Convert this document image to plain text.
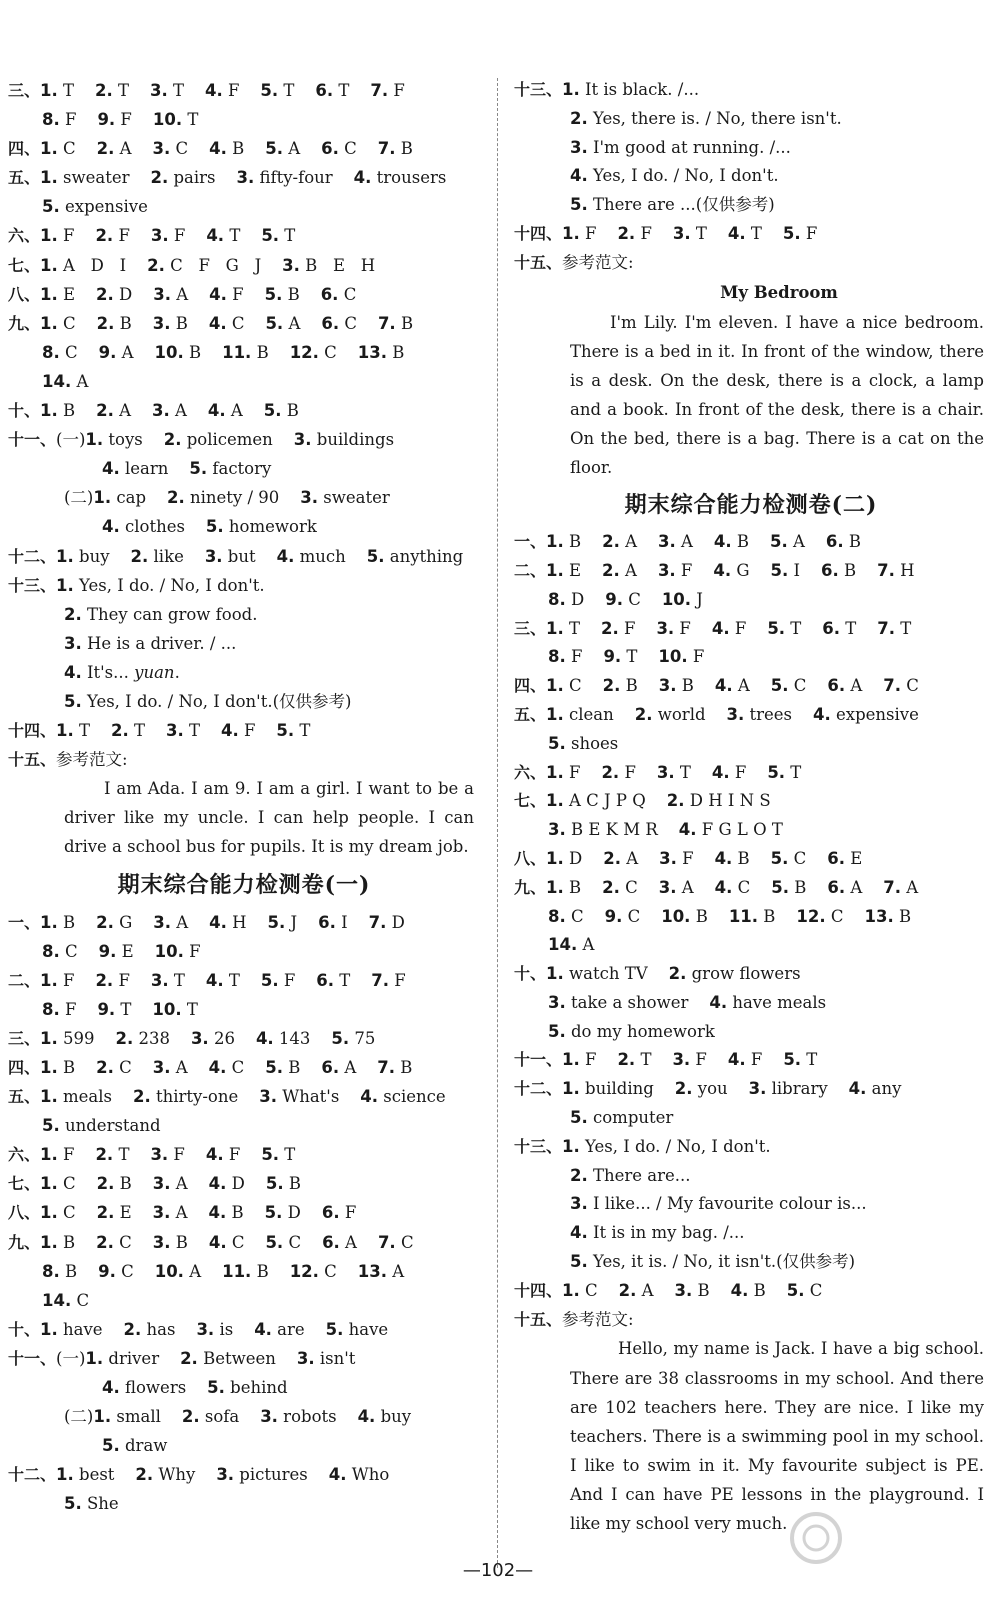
三、1. T    2. T    3. T    4. F    5. T    6. T    7. F
8. F    9. F    10. T
四、1. C    2. A    3. C    4. B    5. A    6. C    7. B
五、1. sweater    2. pairs    3. fifty-four    4. trousers
5. expensive
六、1. F    2. F    3. F    4. T    5. T
七、1. A   D   I    2. C   F   G   J    3. B   E   H
八、1. E    2. D    3. A    4. F    5. B    6. C
九、1. C    2. B    3. B    4. C    5. A    6. C    7. B
8. C    9. A    10. B    11. B    12. C    13. B
14. A
十、1. B    2. A    3. A    4. A    5. B
十一、(一)1. toys    2. policemen    3. buildings
4. learn    5. factory
(二)1. cap    2. ninety / 90    3. sweater
4. clothes    5. homework
十二、1. buy    2. like    3. but    4. much    5. anything
十三、1. Yes, I do. / No, I don't.
2. They can grow food.
3. He is a driver. / ...
4. It's... yuan.
5. Yes, I do. / No, I don't.(仅供参考)
十四、1. T    2. T    3. T    4. F    5. T
十五、参考范文:
I am Ada. I am 9. I am a girl. I want to be a driver like my uncle. I can help people. I can drive a school bus for pupils. It is my dream job.
期末综合能力检测卷(一)
一、1. B    2. G    3. A    4. H    5. J    6. I    7. D
8. C    9. E    10. F
二、1. F    2. F    3. T    4. T    5. F    6. T    7. F
8. F    9. T    10. T
三、1. 599    2. 238    3. 26    4. 143    5. 75
四、1. B    2. C    3. A    4. C    5. B    6. A    7. B
五、1. meals    2. thirty-one    3. What's    4. science
5. understand
六、1. F    2. T    3. F    4. F    5. T
七、1. C    2. B    3. A    4. D    5. B
八、1. C    2. E    3. A    4. B    5. D    6. F
九、1. B    2. C    3. B    4. C    5. C    6. A    7. C
8. B    9. C    10. A    11. B    12. C    13. A
14. C
十、1. have    2. has    3. is    4. are    5. have
十一、(一)1. driver    2. Between    3. isn't
4. flowers    5. behind
(二)1. small    2. sofa    3. robots    4. buy
5. draw
十二、1. best    2. Why    3. pictures    4. Who
5. She
十三、1. It is black. /...
2. Yes, there is. / No, there isn't.
3. I'm good at running. /...
4. Yes, I do. / No, I don't.
5. There are ...(仅供参考)
十四、1. F    2. F    3. T    4. T    5. F
十五、参考范文:
My Bedroom
I'm Lily. I'm eleven. I have a nice bedroom. There is a bed in it. In front of the window, there is a desk. On the desk, there is a clock, a lamp and a book. In front of the desk, there is a chair. On the bed, there is a bag. There is a cat on the floor.
期末综合能力检测卷(二)
一、1. B    2. A    3. A    4. B    5. A    6. B
二、1. E    2. A    3. F    4. G    5. I    6. B    7. H
8. D    9. C    10. J
三、1. T    2. F    3. F    4. F    5. T    6. T    7. T
8. F    9. T    10. F
四、1. C    2. B    3. B    4. A    5. C    6. A    7. C
五、1. clean    2. world    3. trees    4. expensive
5. shoes
六、1. F    2. F    3. T    4. F    5. T
七、1. A C J P Q    2. D H I N S
3. B E K M R    4. F G L O T
八、1. D    2. A    3. F    4. B    5. C    6. E
九、1. B    2. C    3. A    4. C    5. B    6. A    7. A
8. C    9. C    10. B    11. B    12. C    13. B
14. A
十、1. watch TV    2. grow flowers
3. take a shower    4. have meals
5. do my homework
十一、1. F    2. T    3. F    4. F    5. T
十二、1. building    2. you    3. library    4. any
5. computer
十三、1. Yes, I do. / No, I don't.
2. There are...
3. I like... / My favourite colour is...
4. It is in my bag. /...
5. Yes, it is. / No, it isn't.(仅供参考)
十四、1. C    2. A    3. B    4. B    5. C
十五、参考范文:
Hello, my name is Jack. I have a big school. There are 38 classrooms in my school. And there are 102 teachers here. They are nice. I like my teachers. There is a swimming pool in my school. I like to swim in it. My favourite subject is PE. And I can have PE lessons in the playground. I like my school very much.
—102—
